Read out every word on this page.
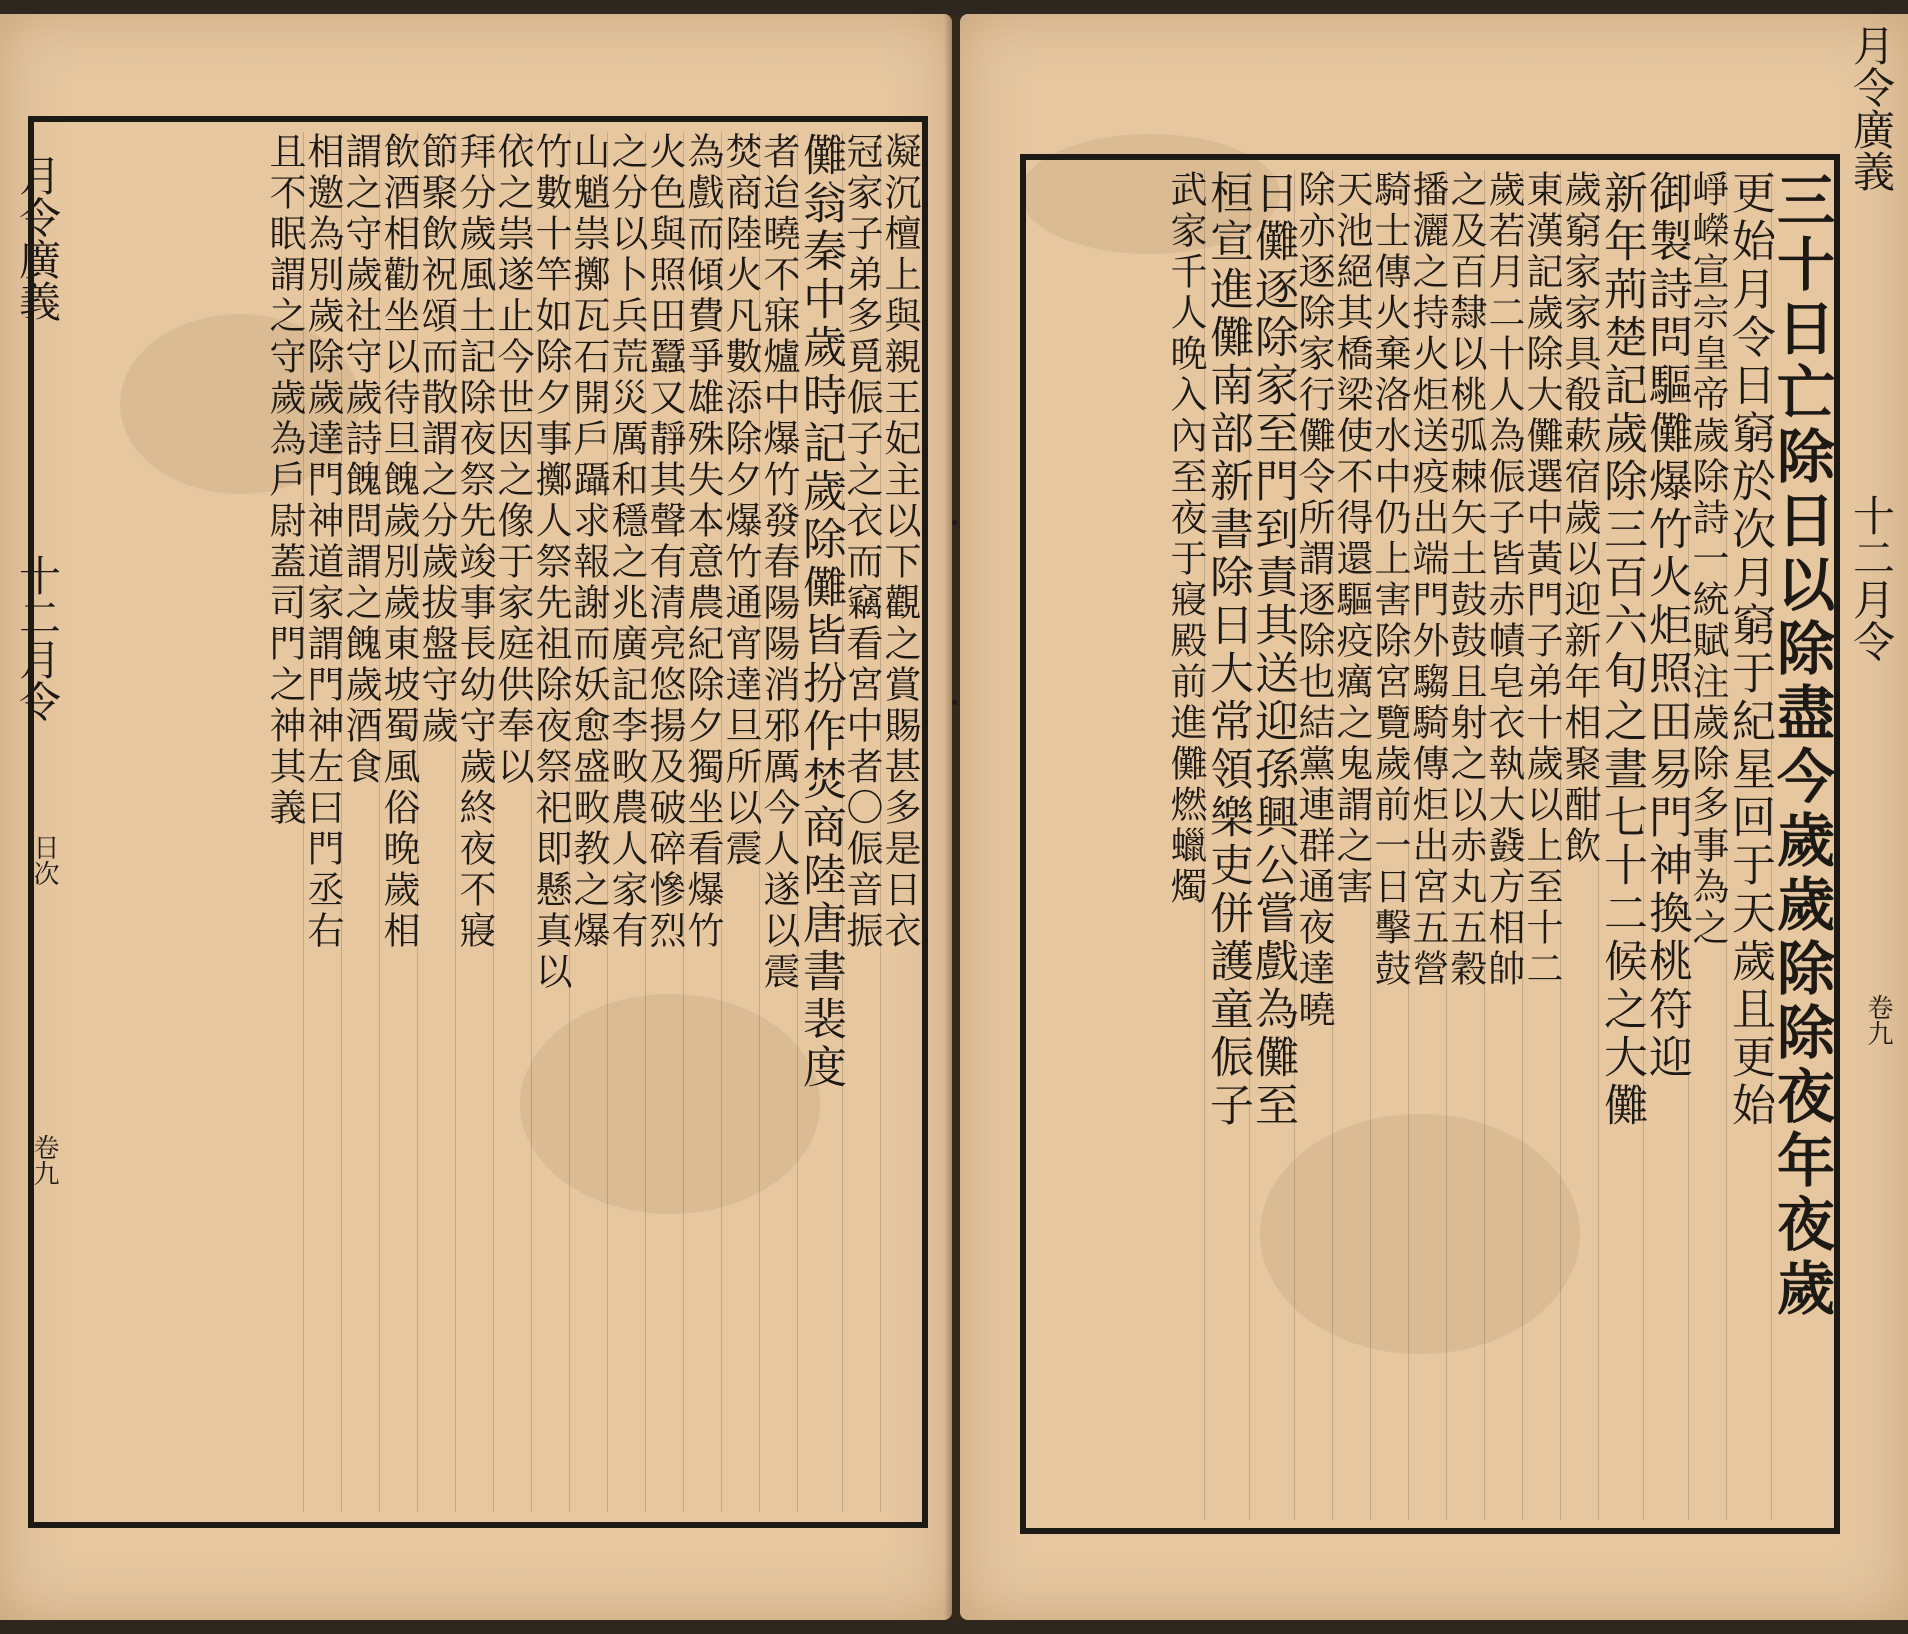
月令廣義
十二月令
日次
卷九
凝沉檀上與親王妃主以下觀之賞賜甚多是日衣
冠家子弟多覓侲子之衣而竊看宮中者〇侲音振
儺翁秦中歲時記歲除儺皆扮作焚商陸唐書裴度
者迨曉不寐爐中爆竹發春陽陽消邪厲今人遂以震
焚商陸火凡數添除夕爆竹通宵達旦所以震
為戲而傾費爭雄殊失本意農紀除夕獨坐看爆竹
火色與照田蠶又靜其聲有清亮悠揚及破碎慘烈
之分以卜兵荒災厲和穩之兆廣記李畋農人家有
山魈祟擲瓦石開戶躡求報謝而妖愈盛畋教之爆
竹數十竿如除夕事擲人祭先祖除夜祭祀即懸真以
依之祟遂止今世因之像于家庭供奉以
拜分歲風土記除夜祭先竣事長幼守歲終夜不寢
節聚飲祝頌而散謂之分歲拔盤守歲
飲酒相勸坐以待旦餽歲別歲東坡蜀風俗晚歲相
謂之守歲社守歲詩餽問謂之餽歲酒食
相邀為別歲除歲達門神道家謂門神左曰門丞右
且不眠謂之守歲為戶尉蓋司門之神其義	三十日亡除日以除盡今歲歲除除夜年夜歲
更始月令日窮於次月窮于紀星回于天歲且更始
崢嶸宣宗皇帝歲除詩一統賦注歲除多事為之
御製詩問驅儺爆竹火炬照田易門神換桃符迎
新年荊楚記歲除三百六旬之晝七十二候之大儺
歲窮家家具殽蔌宿歲以迎新年相聚酣飲
東漢記歲除大儺選中黃門子弟十歲以上至十二
歲若月二十人為侲子皆赤幘皂衣執大鼗方相帥
之及百隸以桃弧棘矢土鼓鼓且射之以赤丸五穀
播灑之持火炬送疫出端門外騶騎傳炬出宮五營
騎士傳火棄洛水中仍上害除宮覽歲前一日擊鼓
天池絕其橋梁使不得還驅疫癘之鬼謂之害
除亦逐除家行儺令所謂逐除也結黨連群通夜達曉
日儺逐除家至門到責其送迎孫興公嘗戲為儺至
桓宣進儺南部新書除日大常領樂吏併護童侲子
武家千人晚入內至夜于寢殿前進儺燃蠟燭
月令廣義
十二月令
卷九
